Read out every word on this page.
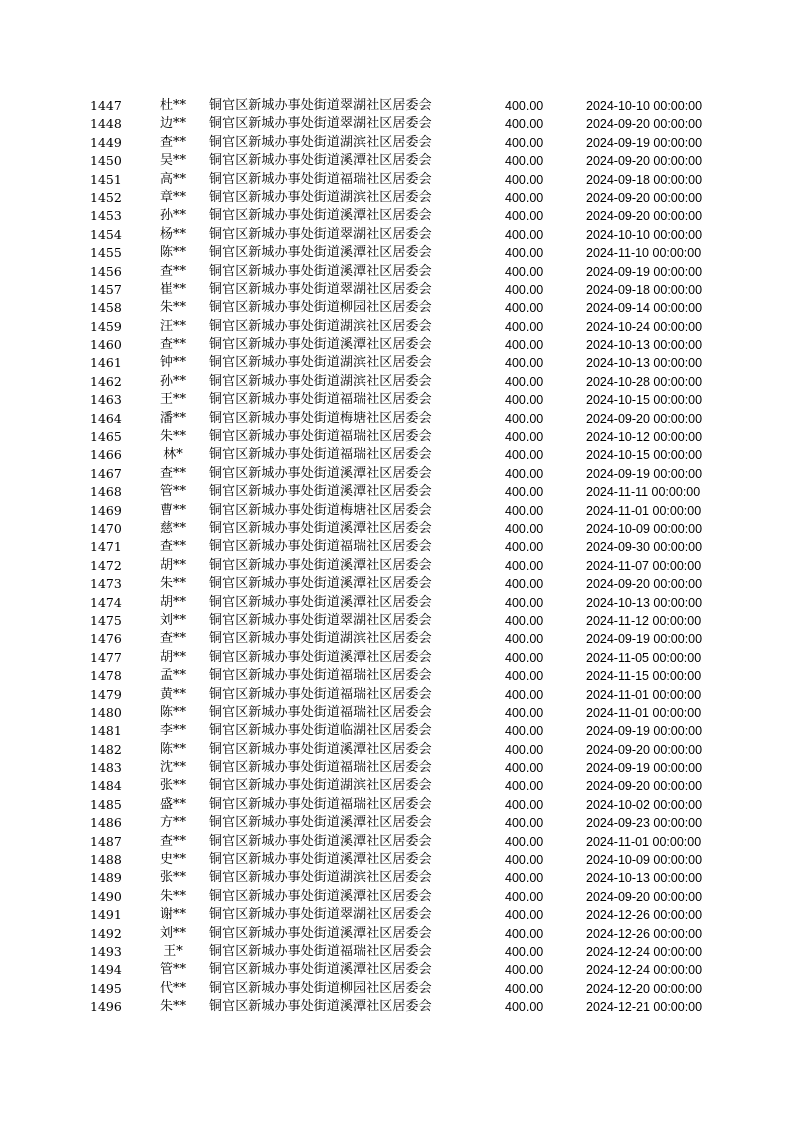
1447	杜**	铜官区新城办事处街道翠湖社区居委会	400.00	2024-10-10 00:00:00
1448	边**	铜官区新城办事处街道翠湖社区居委会	400.00	2024-09-20 00:00:00
1449	查**	铜官区新城办事处街道湖滨社区居委会	400.00	2024-09-19 00:00:00
1450	吴**	铜官区新城办事处街道溪潭社区居委会	400.00	2024-09-20 00:00:00
1451	高**	铜官区新城办事处街道福瑞社区居委会	400.00	2024-09-18 00:00:00
1452	章**	铜官区新城办事处街道湖滨社区居委会	400.00	2024-09-20 00:00:00
1453	孙**	铜官区新城办事处街道溪潭社区居委会	400.00	2024-09-20 00:00:00
1454	杨**	铜官区新城办事处街道翠湖社区居委会	400.00	2024-10-10 00:00:00
1455	陈**	铜官区新城办事处街道溪潭社区居委会	400.00	2024-11-10 00:00:00
1456	查**	铜官区新城办事处街道溪潭社区居委会	400.00	2024-09-19 00:00:00
1457	崔**	铜官区新城办事处街道翠湖社区居委会	400.00	2024-09-18 00:00:00
1458	朱**	铜官区新城办事处街道柳园社区居委会	400.00	2024-09-14 00:00:00
1459	汪**	铜官区新城办事处街道湖滨社区居委会	400.00	2024-10-24 00:00:00
1460	查**	铜官区新城办事处街道溪潭社区居委会	400.00	2024-10-13 00:00:00
1461	钟**	铜官区新城办事处街道湖滨社区居委会	400.00	2024-10-13 00:00:00
1462	孙**	铜官区新城办事处街道湖滨社区居委会	400.00	2024-10-28 00:00:00
1463	王**	铜官区新城办事处街道福瑞社区居委会	400.00	2024-10-15 00:00:00
1464	潘**	铜官区新城办事处街道梅塘社区居委会	400.00	2024-09-20 00:00:00
1465	朱**	铜官区新城办事处街道福瑞社区居委会	400.00	2024-10-12 00:00:00
1466	林*	铜官区新城办事处街道福瑞社区居委会	400.00	2024-10-15 00:00:00
1467	查**	铜官区新城办事处街道溪潭社区居委会	400.00	2024-09-19 00:00:00
1468	管**	铜官区新城办事处街道溪潭社区居委会	400.00	2024-11-11 00:00:00
1469	曹**	铜官区新城办事处街道梅塘社区居委会	400.00	2024-11-01 00:00:00
1470	慈**	铜官区新城办事处街道溪潭社区居委会	400.00	2024-10-09 00:00:00
1471	查**	铜官区新城办事处街道福瑞社区居委会	400.00	2024-09-30 00:00:00
1472	胡**	铜官区新城办事处街道溪潭社区居委会	400.00	2024-11-07 00:00:00
1473	朱**	铜官区新城办事处街道溪潭社区居委会	400.00	2024-09-20 00:00:00
1474	胡**	铜官区新城办事处街道溪潭社区居委会	400.00	2024-10-13 00:00:00
1475	刘**	铜官区新城办事处街道翠湖社区居委会	400.00	2024-11-12 00:00:00
1476	查**	铜官区新城办事处街道湖滨社区居委会	400.00	2024-09-19 00:00:00
1477	胡**	铜官区新城办事处街道溪潭社区居委会	400.00	2024-11-05 00:00:00
1478	孟**	铜官区新城办事处街道福瑞社区居委会	400.00	2024-11-15 00:00:00
1479	黄**	铜官区新城办事处街道福瑞社区居委会	400.00	2024-11-01 00:00:00
1480	陈**	铜官区新城办事处街道福瑞社区居委会	400.00	2024-11-01 00:00:00
1481	李**	铜官区新城办事处街道临湖社区居委会	400.00	2024-09-19 00:00:00
1482	陈**	铜官区新城办事处街道溪潭社区居委会	400.00	2024-09-20 00:00:00
1483	沈**	铜官区新城办事处街道福瑞社区居委会	400.00	2024-09-19 00:00:00
1484	张**	铜官区新城办事处街道湖滨社区居委会	400.00	2024-09-20 00:00:00
1485	盛**	铜官区新城办事处街道福瑞社区居委会	400.00	2024-10-02 00:00:00
1486	方**	铜官区新城办事处街道溪潭社区居委会	400.00	2024-09-23 00:00:00
1487	查**	铜官区新城办事处街道溪潭社区居委会	400.00	2024-11-01 00:00:00
1488	史**	铜官区新城办事处街道溪潭社区居委会	400.00	2024-10-09 00:00:00
1489	张**	铜官区新城办事处街道湖滨社区居委会	400.00	2024-10-13 00:00:00
1490	朱**	铜官区新城办事处街道溪潭社区居委会	400.00	2024-09-20 00:00:00
1491	谢**	铜官区新城办事处街道翠湖社区居委会	400.00	2024-12-26 00:00:00
1492	刘**	铜官区新城办事处街道溪潭社区居委会	400.00	2024-12-26 00:00:00
1493	王*	铜官区新城办事处街道福瑞社区居委会	400.00	2024-12-24 00:00:00
1494	管**	铜官区新城办事处街道溪潭社区居委会	400.00	2024-12-24 00:00:00
1495	代**	铜官区新城办事处街道柳园社区居委会	400.00	2024-12-20 00:00:00
1496	朱**	铜官区新城办事处街道溪潭社区居委会	400.00	2024-12-21 00:00:00
